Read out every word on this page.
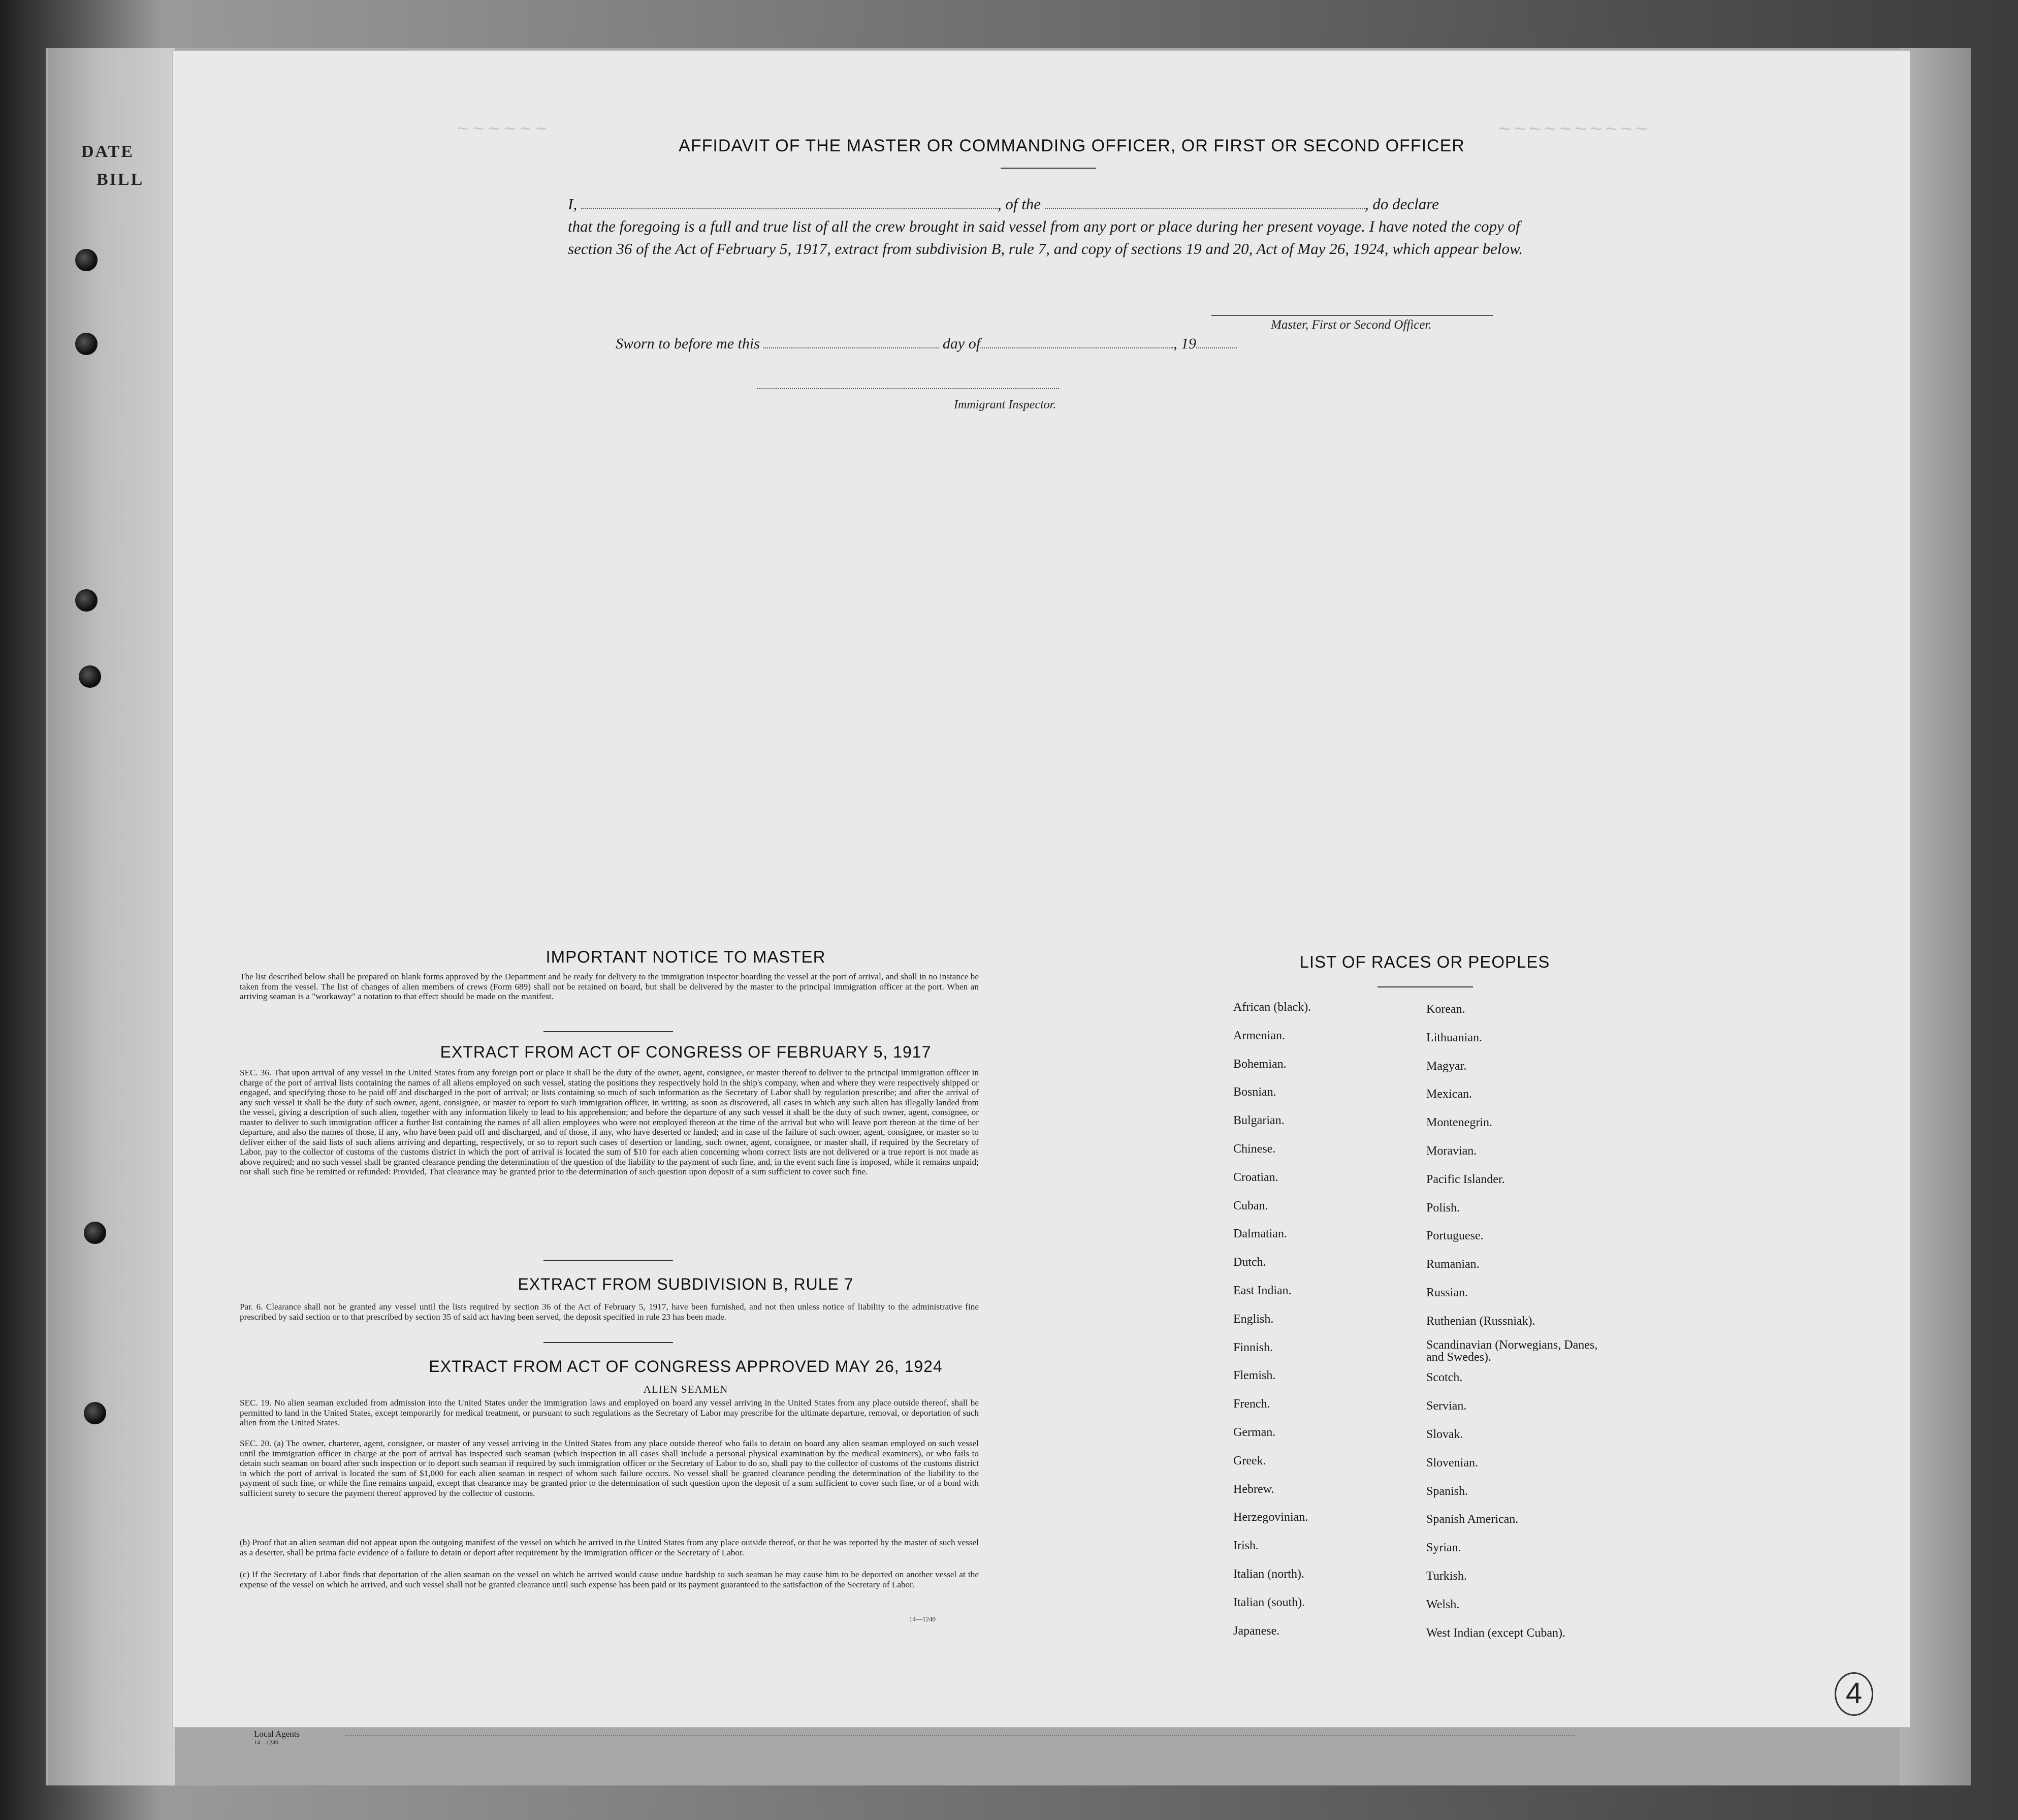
DATE
BILL
~~~~~~	~~~~~~~~~~
AFFIDAVIT OF THE MASTER OR COMMANDING OFFICER, OR FIRST OR SECOND OFFICER
I,	, of the	, do declare
that the foregoing is a full and true list of all the crew brought in said vessel from any port or place during her present voyage. I have noted the copy of section 36 of the Act of February 5, 1917, extract from subdivision B, rule 7, and copy of sections 19 and 20, Act of May 26, 1924, which appear below.
Master, First or Second Officer.
Sworn to before me this	day of	, 19
Immigrant Inspector.
IMPORTANT NOTICE TO MASTER
The list described below shall be prepared on blank forms approved by the Department and be ready for delivery to the immigration inspector boarding the vessel at the port of arrival, and shall in no instance be taken from the vessel. The list of changes of alien members of crews (Form 689) shall not be retained on board, but shall be delivered by the master to the principal immigration officer at the port. When an arriving seaman is a "workaway" a notation to that effect should be made on the manifest.
EXTRACT FROM ACT OF CONGRESS OF FEBRUARY 5, 1917
SEC. 36. That upon arrival of any vessel in the United States from any foreign port or place it shall be the duty of the owner, agent, consignee, or master thereof to deliver to the principal immigration officer in charge of the port of arrival lists containing the names of all aliens employed on such vessel, stating the positions they respectively hold in the ship's company, when and where they were respectively shipped or engaged, and specifying those to be paid off and discharged in the port of arrival; or lists containing so much of such information as the Secretary of Labor shall by regulation prescribe; and after the arrival of any such vessel it shall be the duty of such owner, agent, consignee, or master to report to such immigration officer, in writing, as soon as discovered, all cases in which any such alien has illegally landed from the vessel, giving a description of such alien, together with any information likely to lead to his apprehension; and before the departure of any such vessel it shall be the duty of such owner, agent, consignee, or master to deliver to such immigration officer a further list containing the names of all alien employees who were not employed thereon at the time of the arrival but who will leave port thereon at the time of her departure, and also the names of those, if any, who have been paid off and discharged, and of those, if any, who have deserted or landed; and in case of the failure of such owner, agent, consignee, or master so to deliver either of the said lists of such aliens arriving and departing, respectively, or so to report such cases of desertion or landing, such owner, agent, consignee, or master shall, if required by the Secretary of Labor, pay to the collector of customs of the customs district in which the port of arrival is located the sum of $10 for each alien concerning whom correct lists are not delivered or a true report is not made as above required; and no such vessel shall be granted clearance pending the determination of the question of the liability to the payment of such fine, and, in the event such fine is imposed, while it remains unpaid; nor shall such fine be remitted or refunded: Provided, That clearance may be granted prior to the determination of such question upon deposit of a sum sufficient to cover such fine.
EXTRACT FROM SUBDIVISION B, RULE 7
Par. 6. Clearance shall not be granted any vessel until the lists required by section 36 of the Act of February 5, 1917, have been furnished, and not then unless notice of liability to the administrative fine prescribed by said section or to that prescribed by section 35 of said act having been served, the deposit specified in rule 23 has been made.
EXTRACT FROM ACT OF CONGRESS APPROVED MAY 26, 1924
ALIEN SEAMEN
SEC. 19. No alien seaman excluded from admission into the United States under the immigration laws and employed on board any vessel arriving in the United States from any place outside thereof, shall be permitted to land in the United States, except temporarily for medical treatment, or pursuant to such regulations as the Secretary of Labor may prescribe for the ultimate departure, removal, or deportation of such alien from the United States.
SEC. 20. (a) The owner, charterer, agent, consignee, or master of any vessel arriving in the United States from any place outside thereof who fails to detain on board any alien seaman employed on such vessel until the immigration officer in charge at the port of arrival has inspected such seaman (which inspection in all cases shall include a personal physical examination by the medical examiners), or who fails to detain such seaman on board after such inspection or to deport such seaman if required by such immigration officer or the Secretary of Labor to do so, shall pay to the collector of customs of the customs district in which the port of arrival is located the sum of $1,000 for each alien seaman in respect of whom such failure occurs. No vessel shall be granted clearance pending the determination of the liability to the payment of such fine, or while the fine remains unpaid, except that clearance may be granted prior to the determination of such question upon the deposit of a sum sufficient to cover such fine, or of a bond with sufficient surety to secure the payment thereof approved by the collector of customs.
(b) Proof that an alien seaman did not appear upon the outgoing manifest of the vessel on which he arrived in the United States from any place outside thereof, or that he was reported by the master of such vessel as a deserter, shall be prima facie evidence of a failure to detain or deport after requirement by the immigration officer or the Secretary of Labor.
(c) If the Secretary of Labor finds that deportation of the alien seaman on the vessel on which he arrived would cause undue hardship to such seaman he may cause him to be deported on another vessel at the expense of the vessel on which he arrived, and such vessel shall not be granted clearance until such expense has been paid or its payment guaranteed to the satisfaction of the Secretary of Labor.
14—1240
Local Agents
14—1240
LIST OF RACES OR PEOPLES
African (black).
Armenian.
Bohemian.
Bosnian.
Bulgarian.
Chinese.
Croatian.
Cuban.
Dalmatian.
Dutch.
East Indian.
English.
Finnish.
Flemish.
French.
German.
Greek.
Hebrew.
Herzegovinian.
Irish.
Italian (north).
Italian (south).
Japanese.
Korean.
Lithuanian.
Magyar.
Mexican.
Montenegrin.
Moravian.
Pacific Islander.
Polish.
Portuguese.
Rumanian.
Russian.
Ruthenian (Russniak).
Scandinavian (Norwegians, Danes, and Swedes).
Scotch.
Servian.
Slovak.
Slovenian.
Spanish.
Spanish American.
Syrian.
Turkish.
Welsh.
West Indian (except Cuban).
4
